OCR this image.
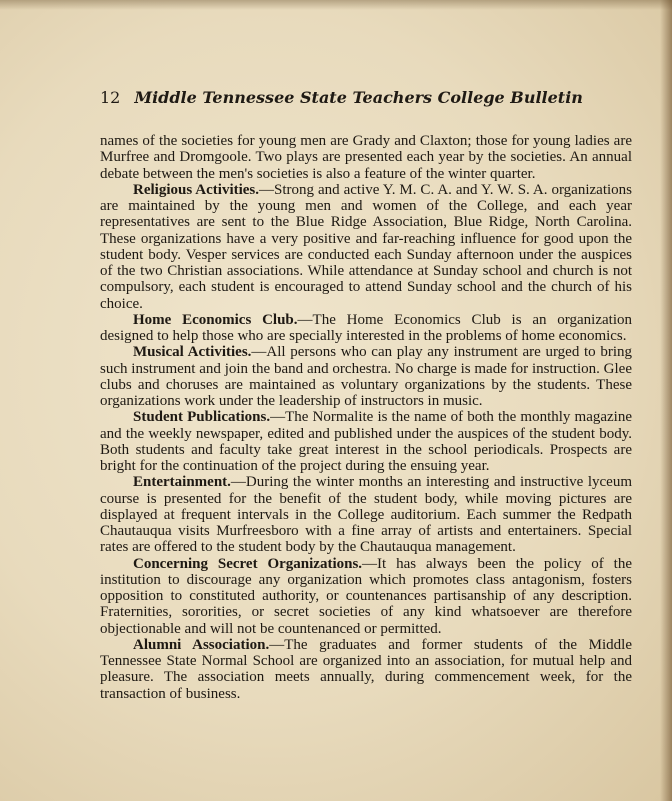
12 Middle Tennessee State Teachers College Bulletin

names of the societies for young men are Grady and Claxton; those for young ladies are Murfree and Dromgoole. Two plays are presented each year by the societies. An annual debate between the men's societies is also a feature of the winter quarter.

Religious Activities.—Strong and active Y. M. C. A. and Y. W. S. A. organizations are maintained by the young men and women of the College, and each year representatives are sent to the Blue Ridge Association, Blue Ridge, North Carolina. These organizations have a very positive and far-reaching influence for good upon the student body. Vesper services are conducted each Sunday afternoon under the auspices of the two Christian associations. While attendance at Sunday school and church is not compulsory, each student is encouraged to attend Sunday school and the church of his choice.

Home Economics Club.—The Home Economics Club is an organization designed to help those who are specially interested in the problems of home economics.

Musical Activities.—All persons who can play any instrument are urged to bring such instrument and join the band and orchestra. No charge is made for instruction. Glee clubs and choruses are maintained as voluntary organizations by the students. These organizations work under the leadership of instructors in music.

Student Publications.—The Normalite is the name of both the monthly magazine and the weekly newspaper, edited and published under the auspices of the student body. Both students and faculty take great interest in the school periodicals. Prospects are bright for the continuation of the project during the ensuing year.

Entertainment.—During the winter months an interesting and instructive lyceum course is presented for the benefit of the student body, while moving pictures are displayed at frequent intervals in the College auditorium. Each summer the Redpath Chautauqua visits Murfreesboro with a fine array of artists and entertainers. Special rates are offered to the student body by the Chautauqua management.

Concerning Secret Organizations.—It has always been the policy of the institution to discourage any organization which promotes class antagonism, fosters opposition to constituted authority, or countenances partisanship of any description. Fraternities, sororities, or secret societies of any kind whatsoever are therefore objectionable and will not be countenanced or permitted.

Alumni Association.—The graduates and former students of the Middle Tennessee State Normal School are organized into an association, for mutual help and pleasure. The association meets annually, during commencement week, for the transaction of business.
